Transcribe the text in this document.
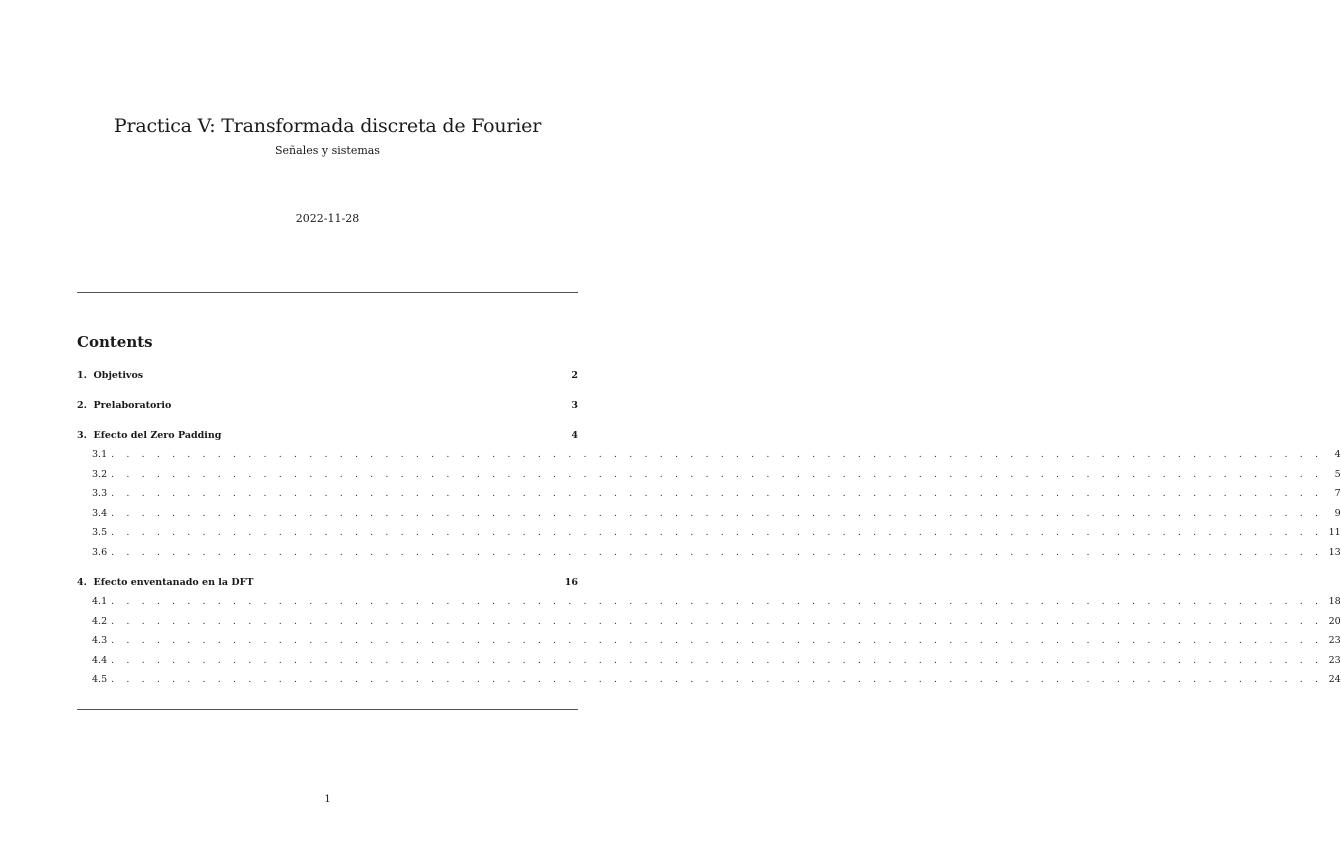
Practica V: Transformada discreta de Fourier
Señales y sistemas
2022-11-28
Contents
1.  Objetivos	2
2.  Prelaboratorio	3
3.  Efecto del Zero Padding	4
3.1 . . . . . . . . . . . . . . . . . . . . . . . . . . . . . . . . . . . . . . . . . . . . . . . . . . . . . . . . . . . . . . . . . . . . . . . . . . . . . . . .	4
3.2 . . . . . . . . . . . . . . . . . . . . . . . . . . . . . . . . . . . . . . . . . . . . . . . . . . . . . . . . . . . . . . . . . . . . . . . . . . . . . . . .	5
3.3 . . . . . . . . . . . . . . . . . . . . . . . . . . . . . . . . . . . . . . . . . . . . . . . . . . . . . . . . . . . . . . . . . . . . . . . . . . . . . . . .	7
3.4 . . . . . . . . . . . . . . . . . . . . . . . . . . . . . . . . . . . . . . . . . . . . . . . . . . . . . . . . . . . . . . . . . . . . . . . . . . . . . . . .	9
3.5 . . . . . . . . . . . . . . . . . . . . . . . . . . . . . . . . . . . . . . . . . . . . . . . . . . . . . . . . . . . . . . . . . . . . . . . . . . . . . . . . 11
3.6 . . . . . . . . . . . . . . . . . . . . . . . . . . . . . . . . . . . . . . . . . . . . . . . . . . . . . . . . . . . . . . . . . . . . . . . . . . . . . . . . 13
4.  Efecto enventanado en la DFT	16
4.1 . . . . . . . . . . . . . . . . . . . . . . . . . . . . . . . . . . . . . . . . . . . . . . . . . . . . . . . . . . . . . . . . . . . . . . . . . . . . . . . . 18
4.2 . . . . . . . . . . . . . . . . . . . . . . . . . . . . . . . . . . . . . . . . . . . . . . . . . . . . . . . . . . . . . . . . . . . . . . . . . . . . . . . . 20
4.3 . . . . . . . . . . . . . . . . . . . . . . . . . . . . . . . . . . . . . . . . . . . . . . . . . . . . . . . . . . . . . . . . . . . . . . . . . . . . . . . . 23
4.4 . . . . . . . . . . . . . . . . . . . . . . . . . . . . . . . . . . . . . . . . . . . . . . . . . . . . . . . . . . . . . . . . . . . . . . . . . . . . . . . . 23
4.5 . . . . . . . . . . . . . . . . . . . . . . . . . . . . . . . . . . . . . . . . . . . . . . . . . . . . . . . . . . . . . . . . . . . . . . . . . . . . . . . . 24
1
